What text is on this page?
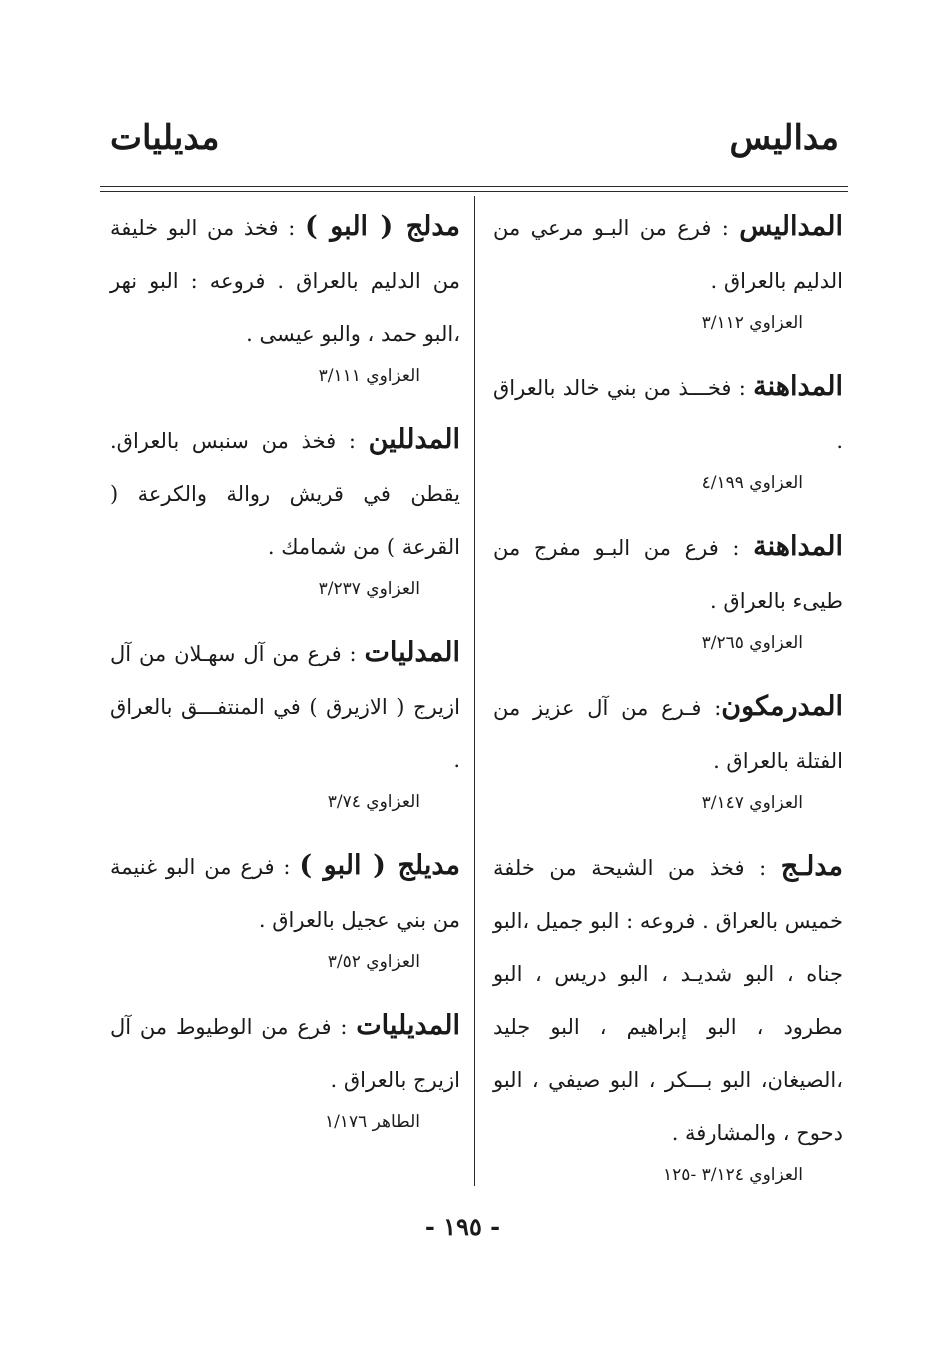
مداليس
مديليات

المداليس : فرع من البـو مرعي من الدليم بالعراق .

العزاوي ٣/١١٢

المداهنة : فخـــذ من بني خالد بالعراق .

العزاوي ٤/١٩٩

المداهنة : فرع من البـو مفرج من طيىء بالعراق .

العزاوي ٣/٢٦٥

المدرمكون: فـرع من آل عزيز من الفتلة بالعراق .

العزاوي ٣/١٤٧

مدلـج : فخذ من الشيحة من خلفة خميس بالعراق . فروعه : البو جميل ،البو جناه ، البو شديـد ، البو دريس ، البو مطرود ، البو إبراهيم ، البو جليد ،الصيغان، البو بـــكر ، البو صيفي ، البو دحوح ، والمشارفة .

العزاوي ٣/١٢٤ -١٢٥

مدلج ( البو ) : فخذ من البو خليفة من الدليم بالعراق . فروعه : البو نهر ،البو حمد ، والبو عيسى .

العزاوي ٣/١١١

المدللين : فخذ من سنبس بالعراق. يقطن في قريش روالة والكرعة ( القرعة ) من شمامك .

العزاوي ٣/٢٣٧

المدليات : فرع من آل سهـلان من آل ازيرج ( الازيرق ) في المنتفـــق بالعراق .

العزاوي ٣/٧٤

مديلج ( البو ) : فرع من البو غنيمة من بني عجيل بالعراق .

العزاوي ٣/٥٢

المديليات : فرع من الوطيوط من آل ازيرج بالعراق .

الطاهر ١/١٧٦
- ١٩٥ -
